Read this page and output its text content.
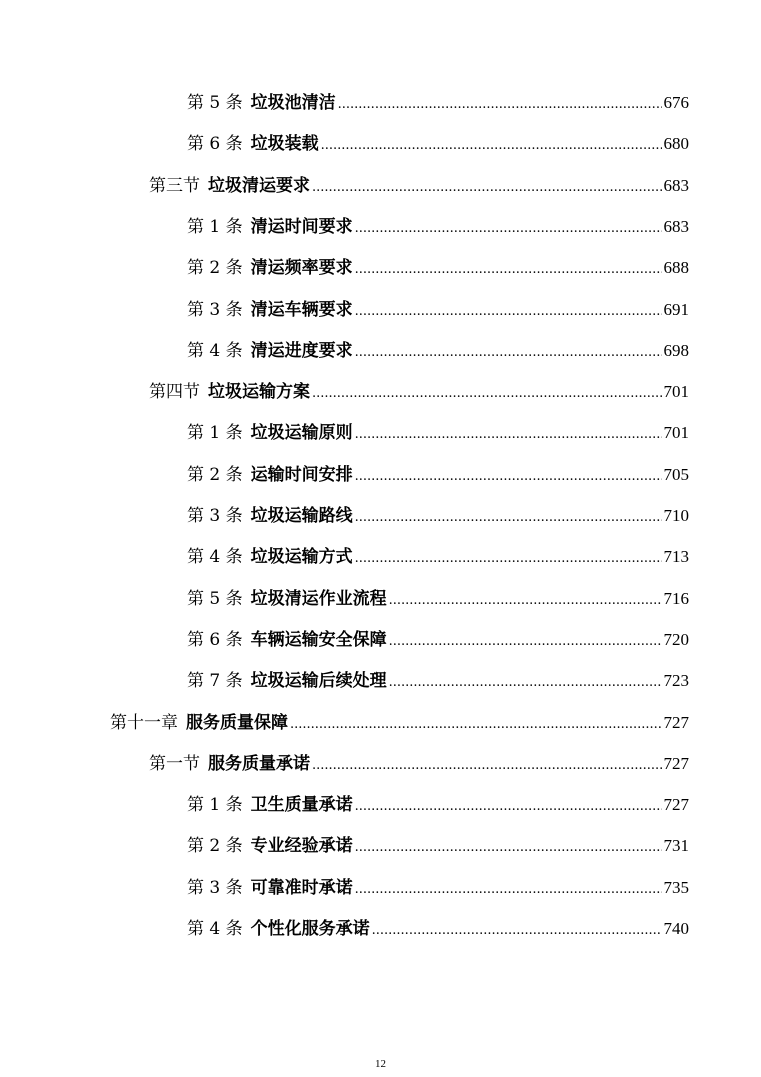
第 5 条 垃圾池清洁 .....	676
第 6 条 垃圾装载 .....	680
第三节 垃圾清运要求 .....	683
第 1 条 清运时间要求 .....	683
第 2 条 清运频率要求 .....	688
第 3 条 清运车辆要求 .....	691
第 4 条 清运进度要求 .....	698
第四节 垃圾运输方案 .....	701
第 1 条 垃圾运输原则 .....	701
第 2 条 运输时间安排 .....	705
第 3 条 垃圾运输路线 .....	710
第 4 条 垃圾运输方式 .....	713
第 5 条 垃圾清运作业流程 .....	716
第 6 条 车辆运输安全保障 .....	720
第 7 条 垃圾运输后续处理 .....	723
第十一章 服务质量保障 .....	727
第一节 服务质量承诺 .....	727
第 1 条 卫生质量承诺 .....	727
第 2 条 专业经验承诺 .....	731
第 3 条 可靠准时承诺 .....	735
第 4 条 个性化服务承诺 .....	740
12
